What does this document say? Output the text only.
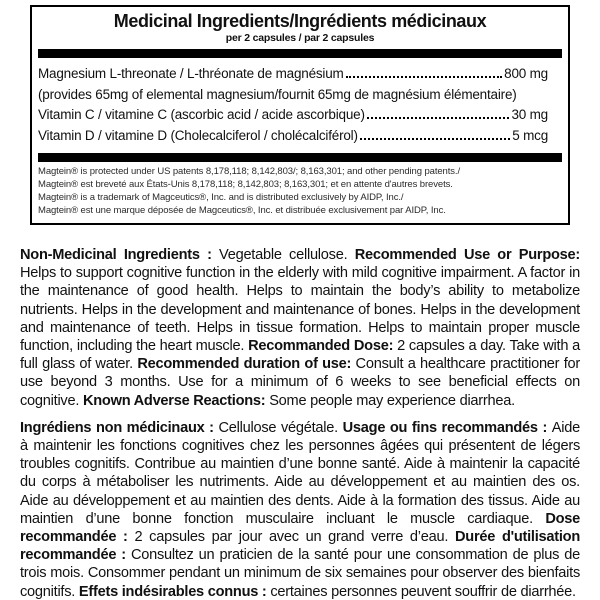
Medicinal Ingredients/Ingrédients médicinaux
per 2 capsules / par 2 capsules
Magnesium L-threonate / L-thréonate de magnésium	800 mg
(provides 65mg of elemental magnesium/fournit 65mg de magnésium élémentaire)
Vitamin C / vitamine C (ascorbic acid / acide ascorbique)	30 mg
Vitamin D / vitamine D (Cholecalciferol / cholécalciférol)	5 mcg
Magtein® is protected under US patents 8,178,118; 8,142,803/; 8,163,301; and other pending patents./
Magtein® est breveté aux États-Unis 8,178,118; 8,142,803; 8,163,301; et en attente d'autres brevets.
Magtein® is a trademark of Magceutics®, Inc. and is distributed exclusively by AIDP, Inc./
Magtein® est une marque déposée de Magceutics®, Inc. et distribuée exclusivement par AIDP, Inc.

Non-Medicinal Ingredients : Vegetable cellulose. Recommended Use or Purpose: Helps to support cognitive function in the elderly with mild cognitive impairment. A factor in the maintenance of good health. Helps to maintain the body’s ability to metabolize nutrients. Helps in the development and maintenance of bones. Helps in the development and maintenance of teeth. Helps in tissue formation. Helps to maintain proper muscle function, including the heart muscle. Recommanded Dose: 2 capsules a day. Take with a full glass of water. Recommended duration of use: Consult a healthcare practitioner for use beyond 3 months. Use for a minimum of 6 weeks to see beneficial effects on cognitive. Known Adverse Reactions: Some people may experience diarrhea.

Ingrédiens non médicinaux : Cellulose végétale. Usage ou fins recommandés : Aide à maintenir les fonctions cognitives chez les personnes âgées qui présentent de légers troubles cognitifs. Contribue au maintien d’une bonne santé. Aide à maintenir la capacité du corps à métaboliser les nutriments. Aide au développement et au maintien des os. Aide au développement et au maintien des dents. Aide à la formation des tissus. Aide au maintien d’une bonne fonction musculaire incluant le muscle cardiaque. Dose recommandée : 2 capsules par jour avec un grand verre d’eau. Durée d'utilisation recommandée : Consultez un praticien de la santé pour une consommation de plus de trois mois. Consommer pendant un minimum de six semaines pour observer des bienfaits cognitifs. Effets indésirables connus : certaines personnes peuvent souffrir de diarrhée.
